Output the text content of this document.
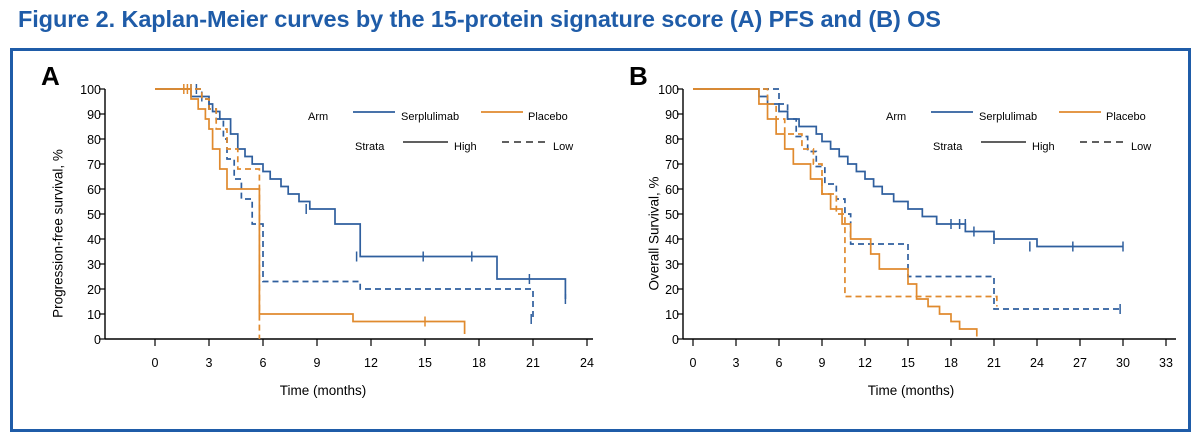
Figure 2. Kaplan-Meier curves by the 15-protein signature score (A) PFS and (B) OS
A
Progression-free survival, %
Time (months)
100
90
80
70
60
50
40
30
20
10
0
0	3	6	9	12	15	18	21	24
Arm	Serplulimab	Placebo
Strata	High	Low
B
Overall Survival, %
Time (months)
100
90
80
70
60
50
40
30
20
10
0
0	3	6	9	12 15 18 21 24 27 30 33
Arm	Serplulimab	Placebo
Strata	High	Low
